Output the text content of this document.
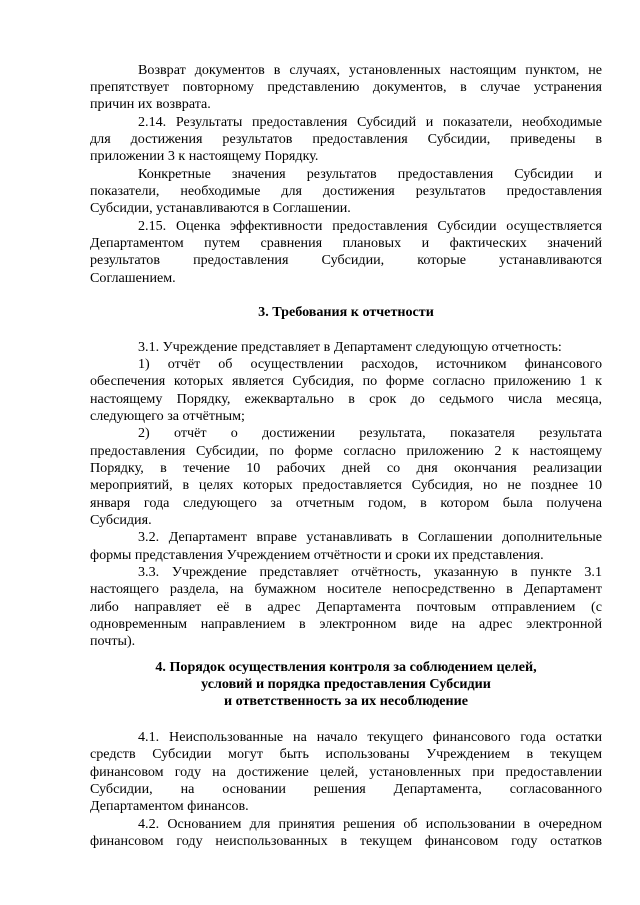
Возврат документов в случаях, установленных настоящим пунктом, не
препятствует повторному представлению документов, в случае устранения
причин их возврата.
2.14. Результаты предоставления Субсидий и показатели, необходимые
для достижения результатов предоставления Субсидии, приведены в
приложении 3 к настоящему Порядку.
Конкретные значения результатов предоставления Субсидии и
показатели, необходимые для достижения результатов предоставления
Субсидии, устанавливаются в Соглашении.
2.15. Оценка эффективности предоставления Субсидии осуществляется
Департаментом путем сравнения плановых и фактических значений
результатов предоставления Субсидии, которые устанавливаются
Соглашением.
3. Требования к отчетности
3.1. Учреждение представляет в Департамент следующую отчетность:
1) отчёт об осуществлении расходов, источником финансового
обеспечения которых является Субсидия, по форме согласно приложению 1 к
настоящему Порядку, ежеквартально в срок до седьмого числа месяца,
следующего за отчётным;
2) отчёт о достижении результата, показателя результата
предоставления Субсидии, по форме согласно приложению 2 к настоящему
Порядку, в течение 10 рабочих дней со дня окончания реализации
мероприятий, в целях которых предоставляется Субсидия, но не позднее 10
января года следующего за отчетным годом, в котором была получена
Субсидия.
3.2. Департамент вправе устанавливать в Соглашении дополнительные
формы представления Учреждением отчётности и сроки их представления.
3.3. Учреждение представляет отчётность, указанную в пункте 3.1
настоящего раздела, на бумажном носителе непосредственно в Департамент
либо направляет её в адрес Департамента почтовым отправлением (с
одновременным направлением в электронном виде на адрес электронной
почты).
4. Порядок осуществления контроля за соблюдением целей,
условий и порядка предоставления Субсидии
и ответственность за их несоблюдение
4.1. Неиспользованные на начало текущего финансового года остатки
средств Субсидии могут быть использованы Учреждением в текущем
финансовом году на достижение целей, установленных при предоставлении
Субсидии, на основании решения Департамента, согласованного
Департаментом финансов.
4.2. Основанием для принятия решения об использовании в очередном
финансовом году неиспользованных в текущем финансовом году остатков
